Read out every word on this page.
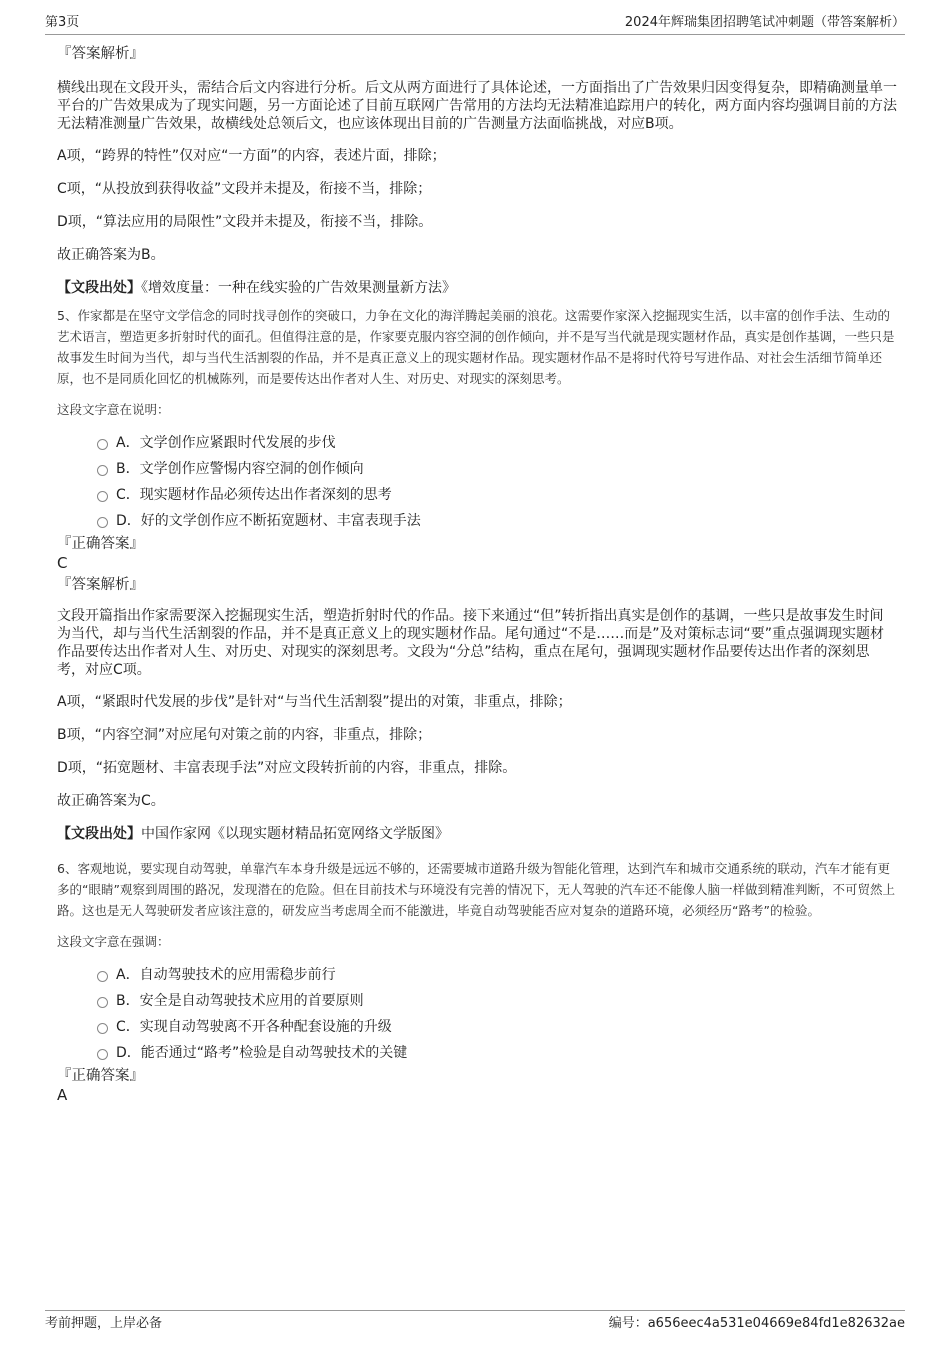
第3页	2024年辉瑞集团招聘笔试冲刺题（带答案解析）

『答案解析』

横线出现在文段开头，需结合后文内容进行分析。后文从两方面进行了具体论述，一方面指出了广告效果归因变得复杂，即精确测量单一平台的广告效果成为了现实问题，另一方面论述了目前互联网广告常用的方法均无法精准追踪用户的转化，两方面内容均强调目前的方法无法精准测量广告效果，故横线处总领后文，也应该体现出目前的广告测量方法面临挑战，对应B项。

A项，“跨界的特性”仅对应“一方面”的内容，表述片面，排除；

C项，“从投放到获得收益”文段并未提及，衔接不当，排除；

D项，“算法应用的局限性”文段并未提及，衔接不当，排除。

故正确答案为B。

【文段出处】《增效度量：一种在线实验的广告效果测量新方法》

5、作家都是在坚守文学信念的同时找寻创作的突破口，力争在文化的海洋腾起美丽的浪花。这需要作家深入挖掘现实生活，以丰富的创作手法、生动的艺术语言，塑造更多折射时代的面孔。但值得注意的是，作家要克服内容空洞的创作倾向，并不是写当代就是现实题材作品，真实是创作基调，一些只是故事发生时间为当代，却与当代生活割裂的作品，并不是真正意义上的现实题材作品。现实题材作品不是将时代符号写进作品、对社会生活细节简单还原，也不是同质化回忆的机械陈列，而是要传达出作者对人生、对历史、对现实的深刻思考。

这段文字意在说明：

A．文学创作应紧跟时代发展的步伐
B．文学创作应警惕内容空洞的创作倾向
C．现实题材作品必须传达出作者深刻的思考
D．好的文学创作应不断拓宽题材、丰富表现手法

『正确答案』

C

『答案解析』

文段开篇指出作家需要深入挖掘现实生活，塑造折射时代的作品。接下来通过“但”转折指出真实是创作的基调，一些只是故事发生时间为当代，却与当代生活割裂的作品，并不是真正意义上的现实题材作品。尾句通过“不是……而是”及对策标志词“要”重点强调现实题材作品要传达出作者对人生、对历史、对现实的深刻思考。文段为“分总”结构，重点在尾句，强调现实题材作品要传达出作者的深刻思考，对应C项。

A项，“紧跟时代发展的步伐”是针对“与当代生活割裂”提出的对策，非重点，排除；

B项，“内容空洞”对应尾句对策之前的内容，非重点，排除；

D项，“拓宽题材、丰富表现手法”对应文段转折前的内容，非重点，排除。

故正确答案为C。

【文段出处】中国作家网《以现实题材精品拓宽网络文学版图》

6、客观地说，要实现自动驾驶，单靠汽车本身升级是远远不够的，还需要城市道路升级为智能化管理，达到汽车和城市交通系统的联动，汽车才能有更多的“眼睛”观察到周围的路况，发现潜在的危险。但在目前技术与环境没有完善的情况下，无人驾驶的汽车还不能像人脑一样做到精准判断，不可贸然上路。这也是无人驾驶研发者应该注意的，研发应当考虑周全而不能激进，毕竟自动驾驶能否应对复杂的道路环境，必须经历“路考”的检验。

这段文字意在强调：

A．自动驾驶技术的应用需稳步前行
B．安全是自动驾驶技术应用的首要原则
C．实现自动驾驶离不开各种配套设施的升级
D．能否通过“路考”检验是自动驾驶技术的关键

『正确答案』

A

考前押题，上岸必备	编号：a656eec4a531e04669e84fd1e82632ae
